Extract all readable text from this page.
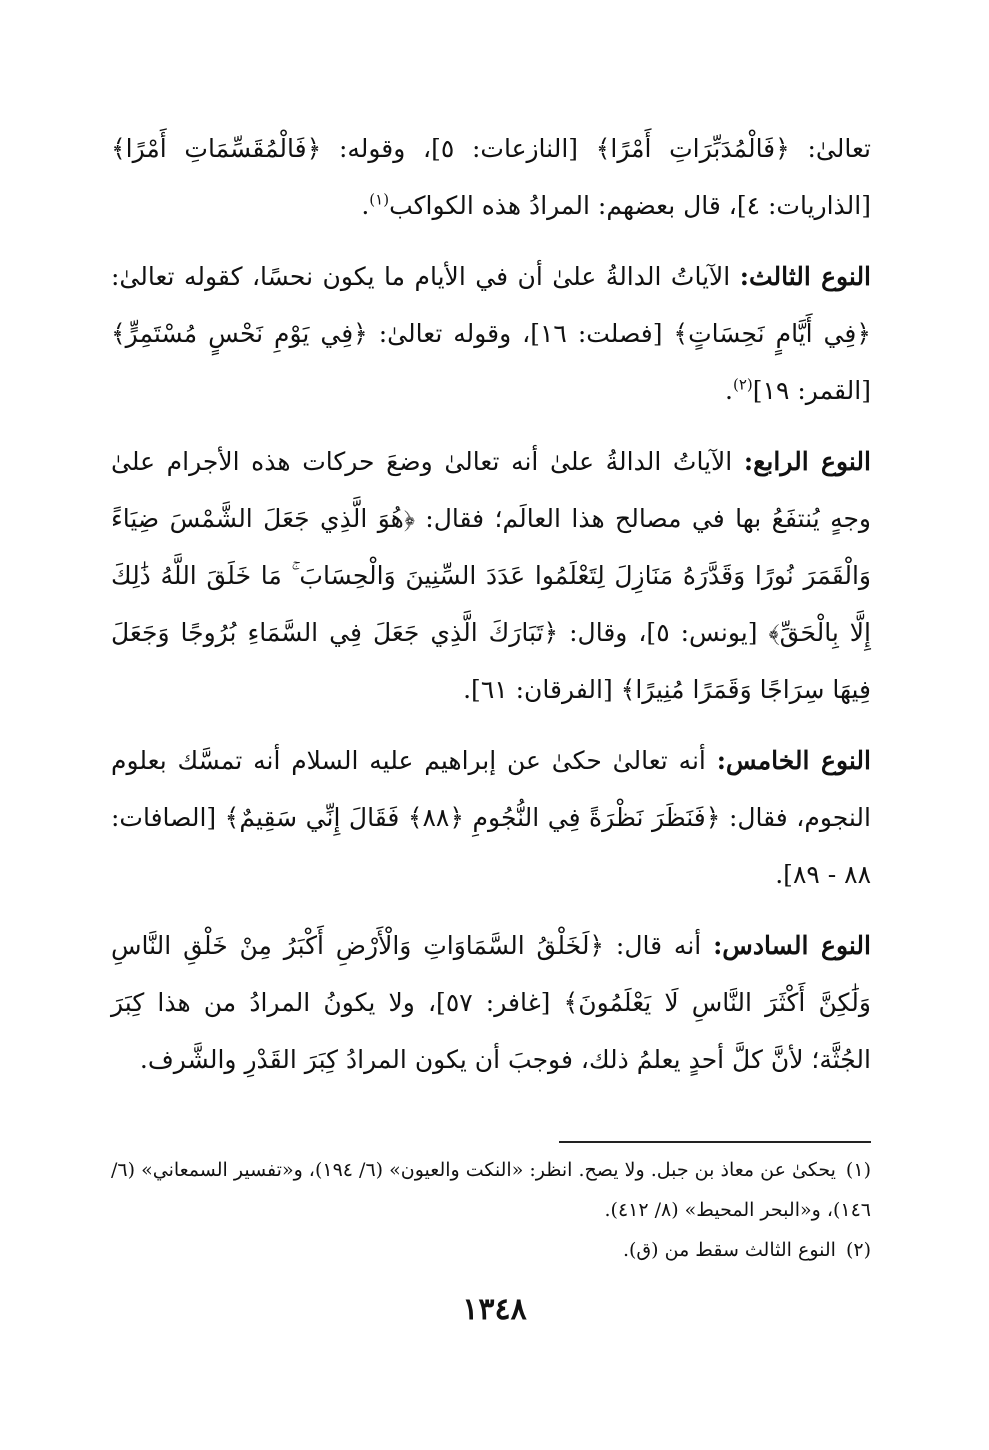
تعالىٰ: ﴿فَالْمُدَبِّرَاتِ أَمْرًا﴾ [النازعات: ٥]، وقوله: ﴿فَالْمُقَسِّمَاتِ أَمْرًا﴾ [الذاريات: ٤]، قال بعضهم: المرادُ هذه الكواكب$^{(١)}$.

النوع الثالث: الآياتُ الدالةُ علىٰ أن في الأيام ما يكون نحسًا، كقوله تعالىٰ: ﴿فِي أَيَّامٍ نَحِسَاتٍ﴾ [فصلت: ١٦]، وقوله تعالىٰ: ﴿فِي يَوْمِ نَحْسٍ مُسْتَمِرٍّ﴾ [القمر: ١٩]$^{(٢)}$.

النوع الرابع: الآياتُ الدالةُ علىٰ أنه تعالىٰ وضعَ حركات هذه الأجرام علىٰ وجهٍ يُنتفَعُ بها في مصالح هذا العالَم؛ فقال: ﴿هُوَ الَّذِي جَعَلَ الشَّمْسَ ضِيَاءً وَالْقَمَرَ نُورًا وَقَدَّرَهُ مَنَازِلَ لِتَعْلَمُوا عَدَدَ السِّنِينَ وَالْحِسَابَ ۚ مَا خَلَقَ اللَّهُ ذَٰلِكَ إِلَّا بِالْحَقِّ﴾ [يونس: ٥]، وقال: ﴿تَبَارَكَ الَّذِي جَعَلَ فِي السَّمَاءِ بُرُوجًا وَجَعَلَ فِيهَا سِرَاجًا وَقَمَرًا مُنِيرًا﴾ [الفرقان: ٦١].

النوع الخامس: أنه تعالىٰ حكىٰ عن إبراهيم عليه السلام أنه تمسَّك بعلوم النجوم، فقال: ﴿فَنَظَرَ نَظْرَةً فِي النُّجُومِ ﴿٨٨﴾ فَقَالَ إِنِّي سَقِيمٌ﴾ [الصافات: ٨٨ - ٨٩].

النوع السادس: أنه قال: ﴿لَخَلْقُ السَّمَاوَاتِ وَالْأَرْضِ أَكْبَرُ مِنْ خَلْقِ النَّاسِ وَلَٰكِنَّ أَكْثَرَ النَّاسِ لَا يَعْلَمُونَ﴾ [غافر: ٥٧]، ولا يكونُ المرادُ من هذا كِبَرَ الجُثَّة؛ لأنَّ كلَّ أحدٍ يعلمُ ذلك، فوجبَ أن يكون المرادُ كِبَرَ القَدْرِ والشَّرف.

(١)يحكىٰ عن معاذ بن جبل. ولا يصح. انظر: «النكت والعيون» (٦/ ١٩٤)، و«تفسير السمعاني» (٦/ ١٤٦)، و«البحر المحيط» (٨/ ٤١٢).

(٢)النوع الثالث سقط من (ق).

١٣٤٨
